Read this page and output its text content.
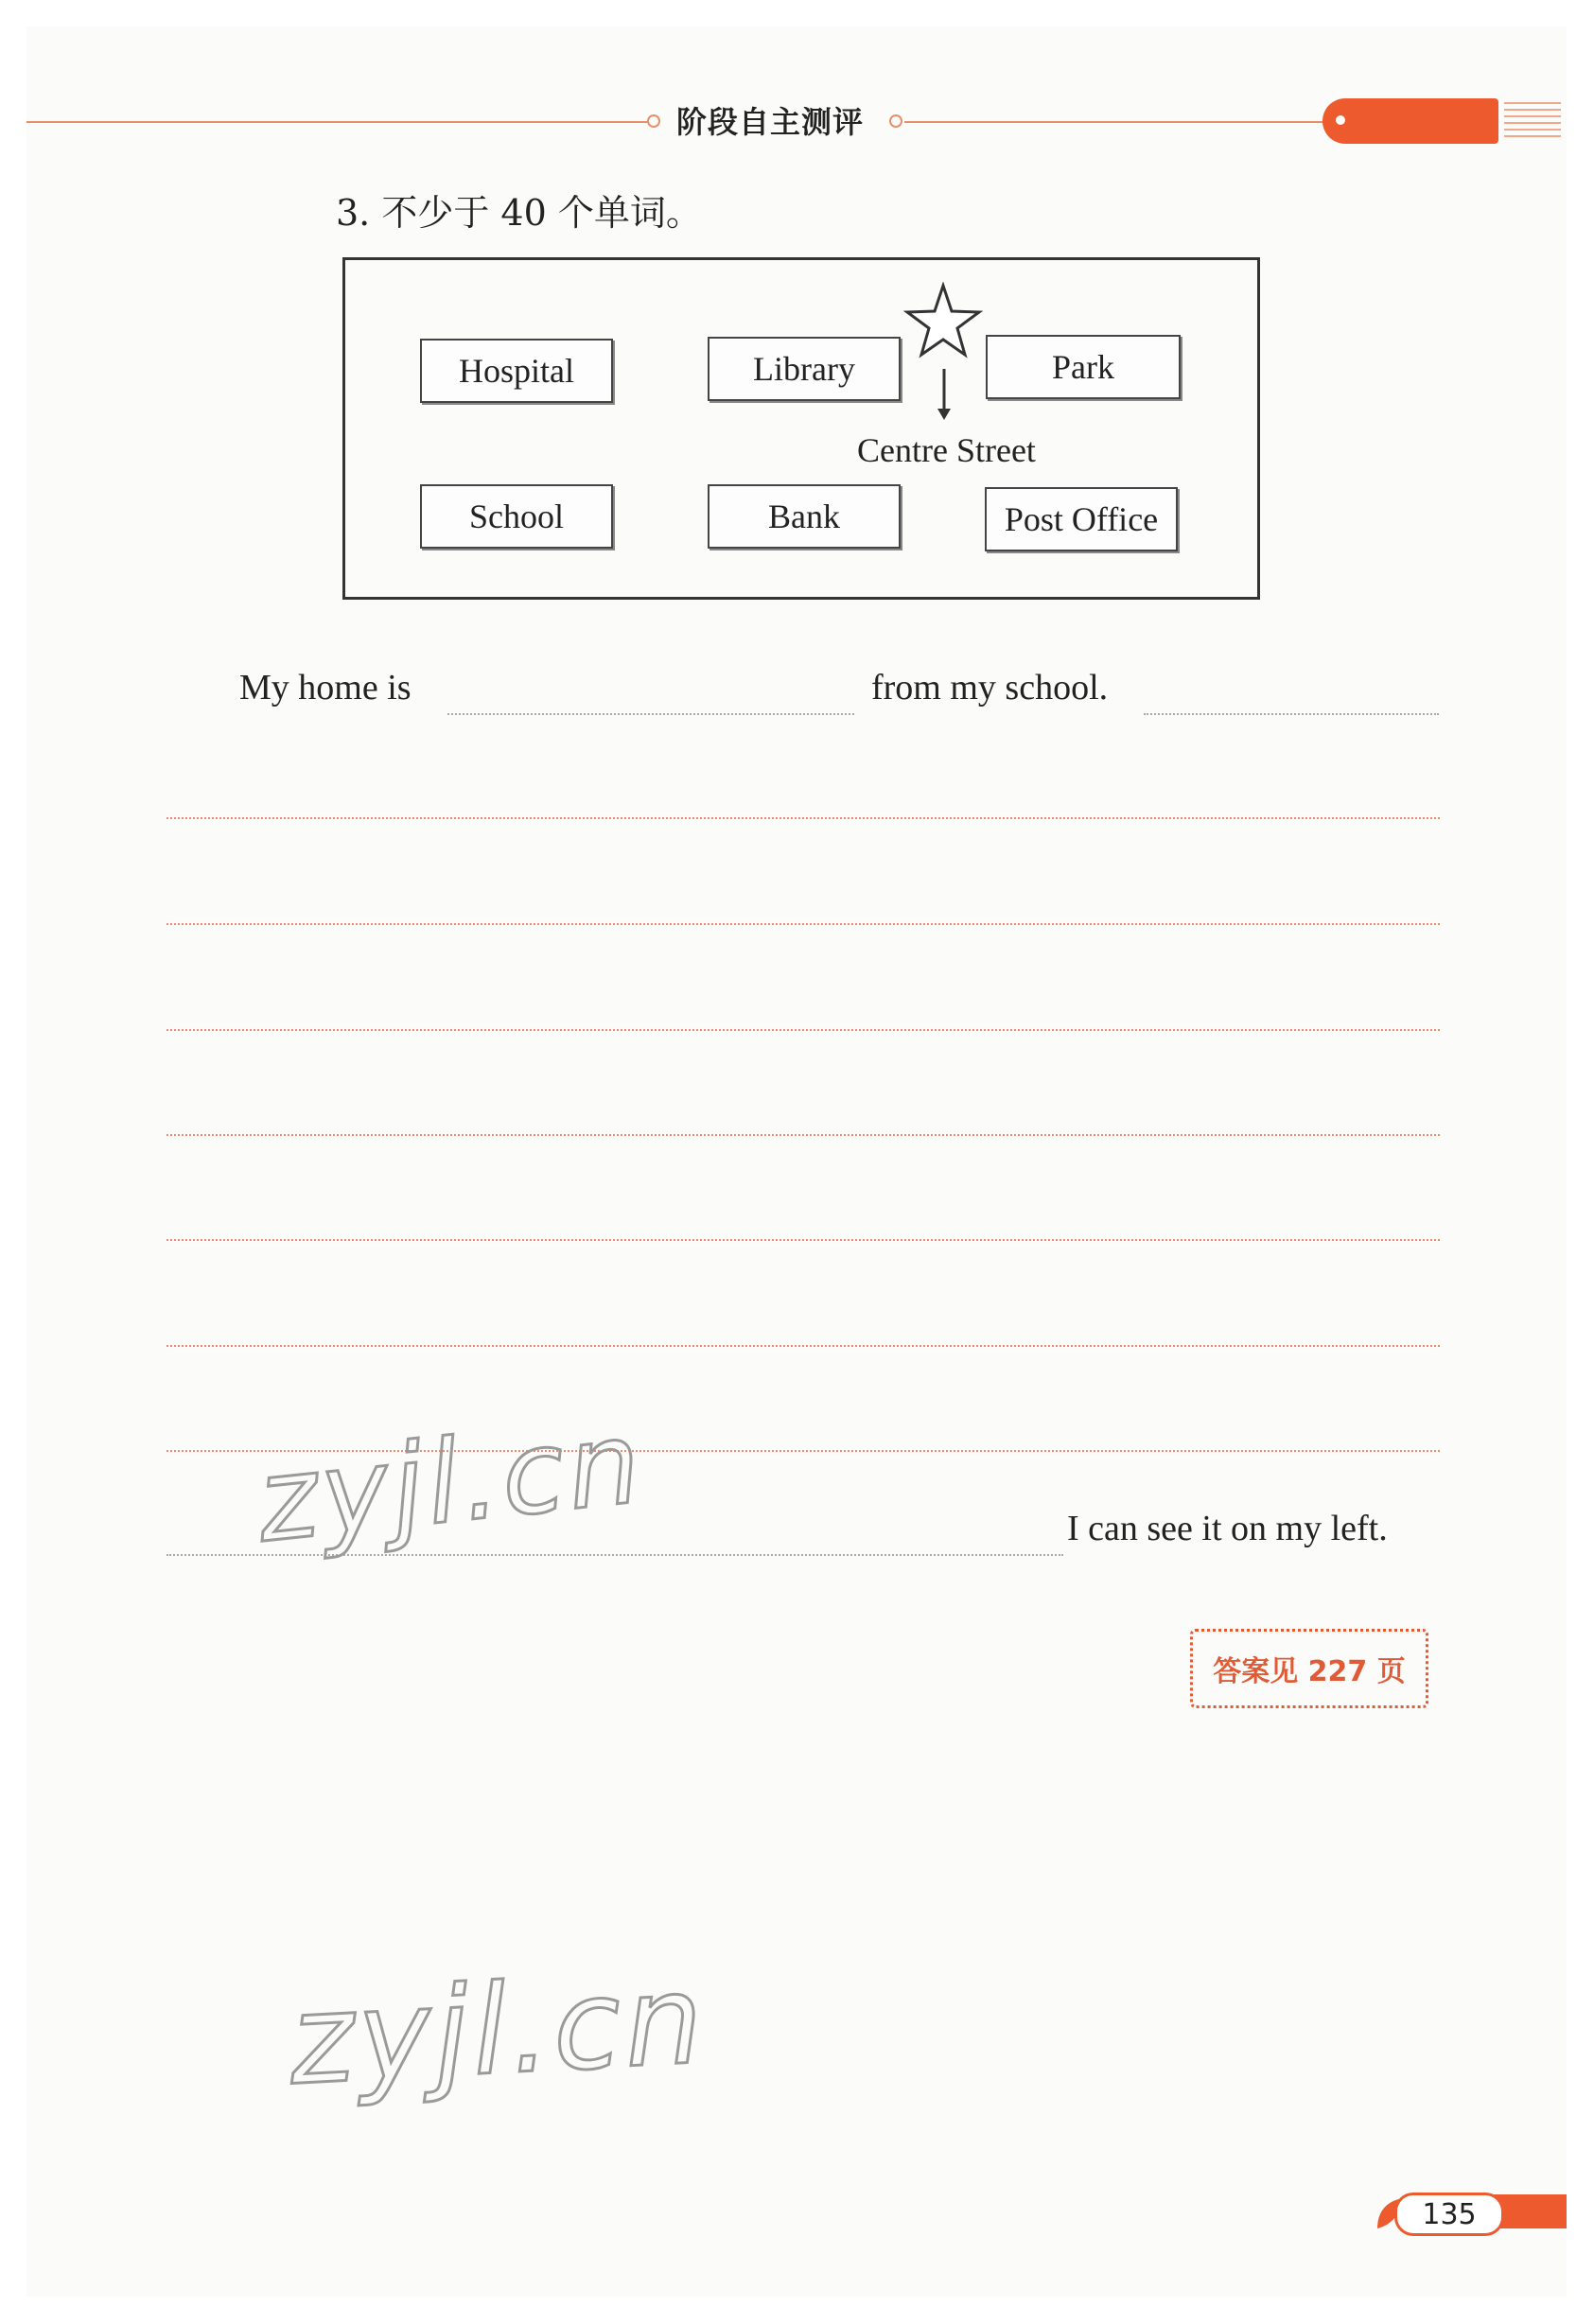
阶段自主测评
3. 不少于 40 个单词。
Hospital	Library	Park
School	Bank	Post Office
Centre Street
My home is	from my school.
I can see it on my left.
答案见 227 页
zyjl.cn
zyjl.cn
135
